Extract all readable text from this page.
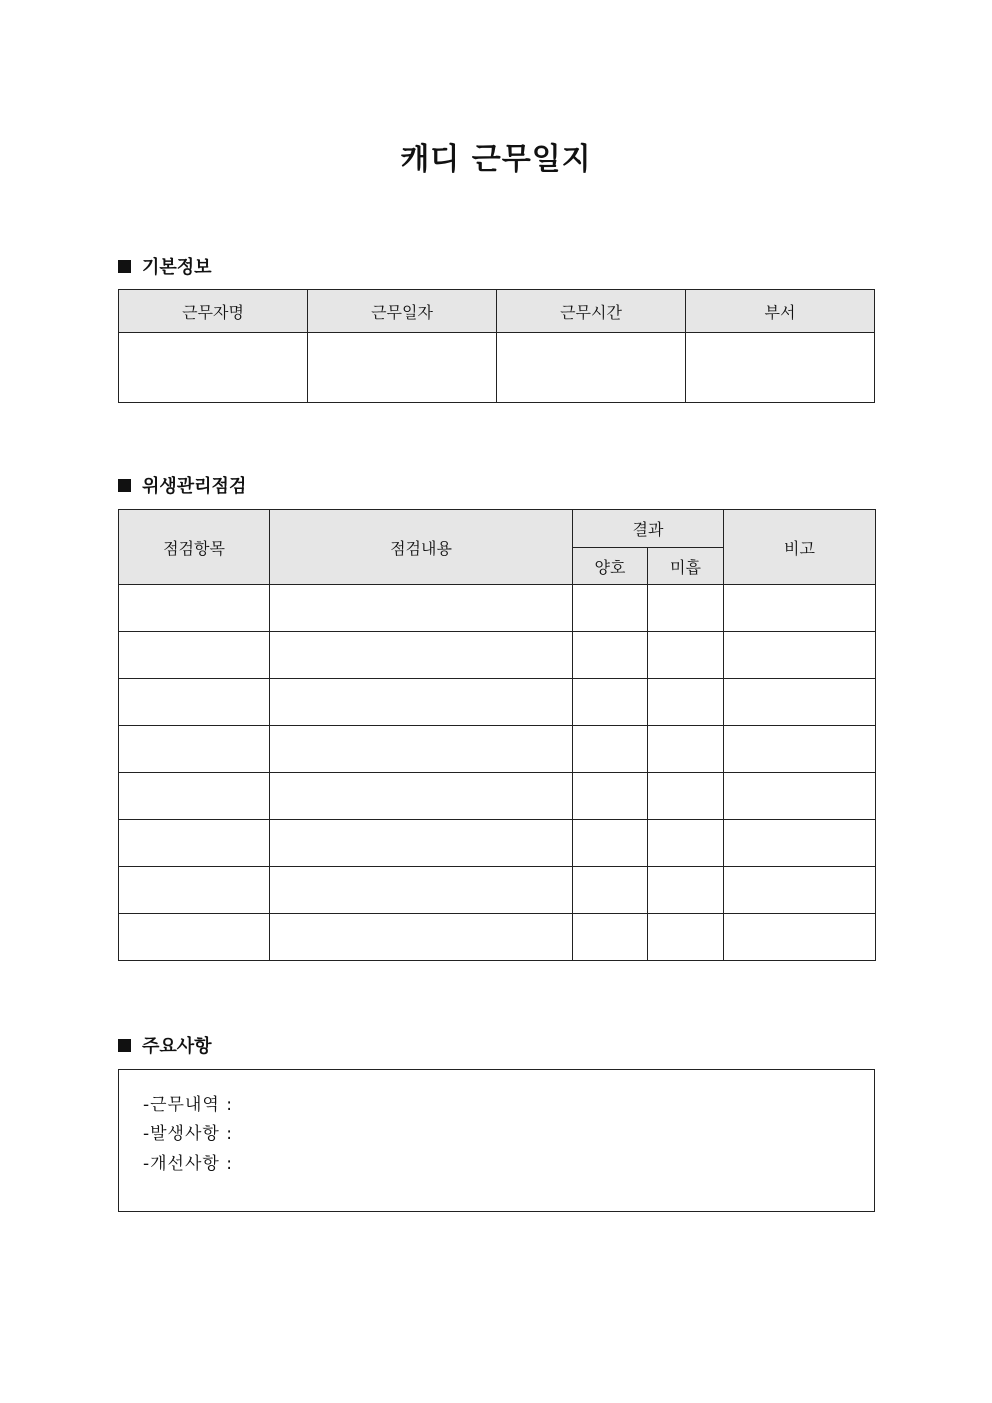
캐디 근무일지
기본정보
근무자명	근무일자	근무시간	부서

위생관리점검
점검항목	점검내용	결과		비고
		양호	미흡	

주요사항
-근무내역 :
-발생사항 :
-개선사항 :
